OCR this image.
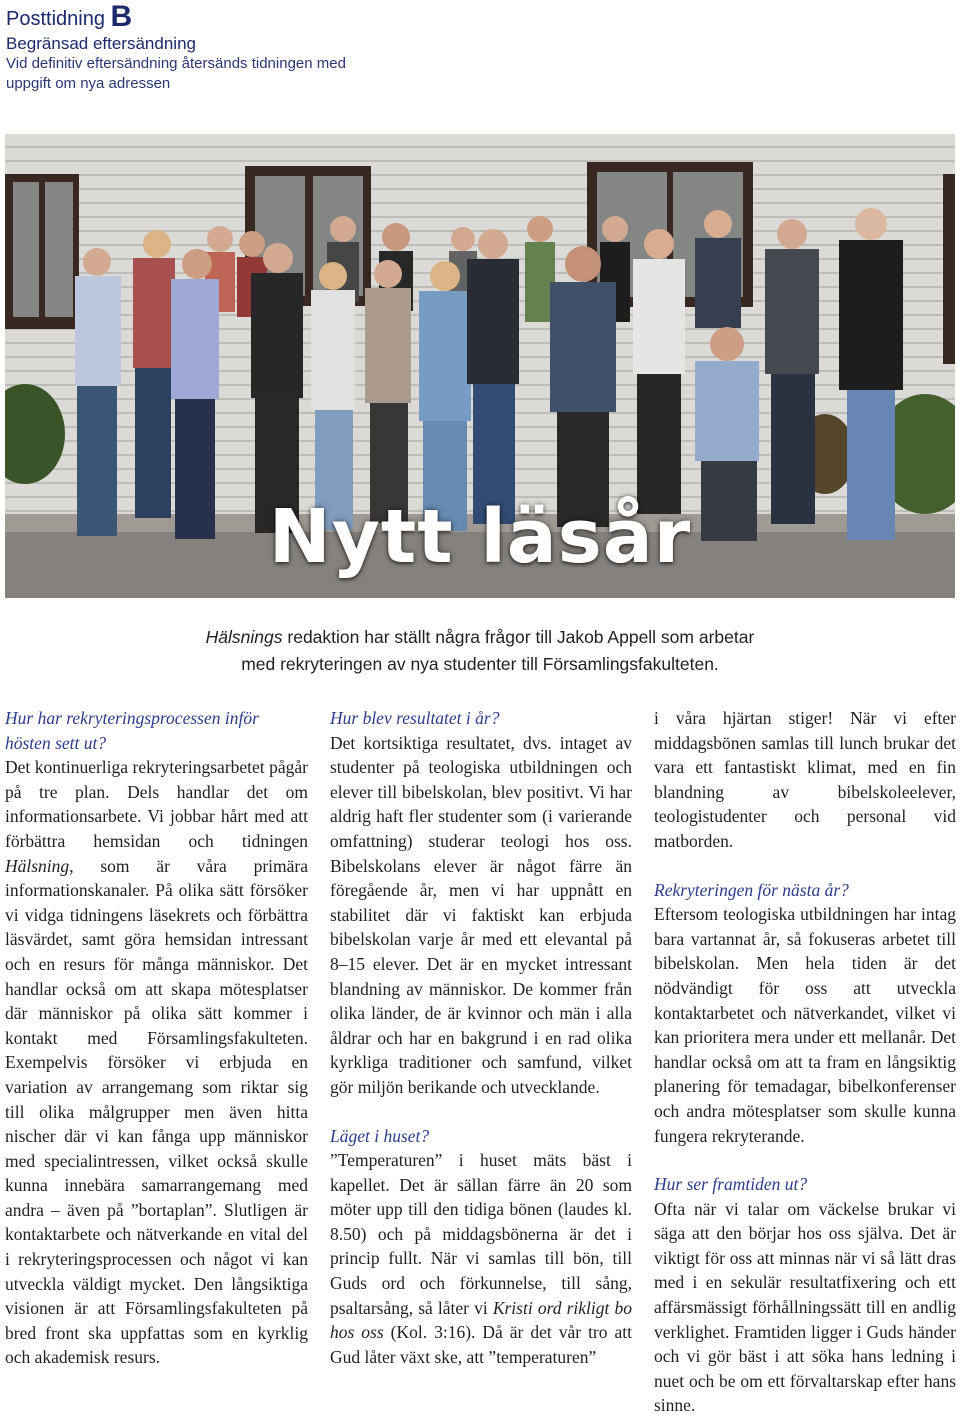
Posttidning B
Begränsad eftersändning
Vid definitiv eftersändning återsänds tidningen med uppgift om nya adressen
Nytt läsår
Hälsnings redaktion har ställt några frågor till Jakob Appell som arbetar
med rekryteringen av nya studenter till Församlingsfakulteten.
Hur har rekryteringsprocessen inför hösten sett ut?

Det kontinuerliga rekryteringsarbetet pågår på tre plan. Dels handlar det om informationsarbete. Vi jobbar hårt med att förbättra hemsidan och tidningen Hälsning, som är våra primära informationskanaler. På olika sätt försöker vi vidga tidningens läsekrets och förbättra läsvärdet, samt göra hemsidan intressant och en resurs för många människor. Det handlar också om att skapa mötesplatser där människor på olika sätt kommer i kontakt med Församlingsfakulteten. Exempelvis försöker vi erbjuda en variation av arrangemang som riktar sig till olika målgrupper men även hitta nischer där vi kan fånga upp människor med specialintressen, vilket också skulle kunna innebära samarrangemang med andra – även på ”bortaplan”. Slutligen är kontaktarbete och nätverkande en vital del i rekryteringsprocessen och något vi kan utveckla väldigt mycket. Den långsiktiga visionen är att Församlingsfakulteten på bred front ska uppfattas som en kyrklig och akademisk resurs.

Hur blev resultatet i år?

Det kortsiktiga resultatet, dvs. intaget av studenter på teologiska utbildningen och elever till bibelskolan, blev positivt. Vi har aldrig haft fler studenter som (i varierande omfattning) studerar teologi hos oss. Bibelskolans elever är något färre än föregående år, men vi har uppnått en stabilitet där vi faktiskt kan erbjuda bibelskolan varje år med ett elevantal på 8–15 elever. Det är en mycket intressant blandning av människor. De kommer från olika länder, de är kvinnor och män i alla åldrar och har en bakgrund i en rad olika kyrkliga traditioner och samfund, vilket gör miljön berikande och utvecklande.

Läget i huset?

”Temperaturen” i huset mäts bäst i kapellet. Det är sällan färre än 20 som möter upp till den tidiga bönen (laudes kl. 8.50) och på middagsbönerna är det i princip fullt. När vi samlas till bön, till Guds ord och förkunnelse, till sång, psaltarsång, så låter vi Kristi ord rikligt bo hos oss (Kol. 3:16). Då är det vår tro att Gud låter växt ske, att ”temperaturen”

i våra hjärtan stiger! När vi efter middagsbönen samlas till lunch brukar det vara ett fantastiskt klimat, med en fin blandning av bibelskoleelever, teologistudenter och personal vid matborden.

Rekryteringen för nästa år?

Eftersom teologiska utbildningen har intag bara vartannat år, så fokuseras arbetet till bibelskolan. Men hela tiden är det nödvändigt för oss att utveckla kontaktarbetet och nätverkandet, vilket vi kan prioritera mera under ett mellanår. Det handlar också om att ta fram en långsiktig planering för temadagar, bibelkonferenser och andra mötesplatser som skulle kunna fungera rekryterande.

Hur ser framtiden ut?

Ofta när vi talar om väckelse brukar vi säga att den börjar hos oss själva. Det är viktigt för oss att minnas när vi så lätt dras med i en sekulär resultatfixering och ett affärsmässigt förhållningssätt till en andlig verklighet. Framtiden ligger i Guds händer och vi gör bäst i att söka hans ledning i nuet och be om ett förvaltarskap efter hans sinne.
